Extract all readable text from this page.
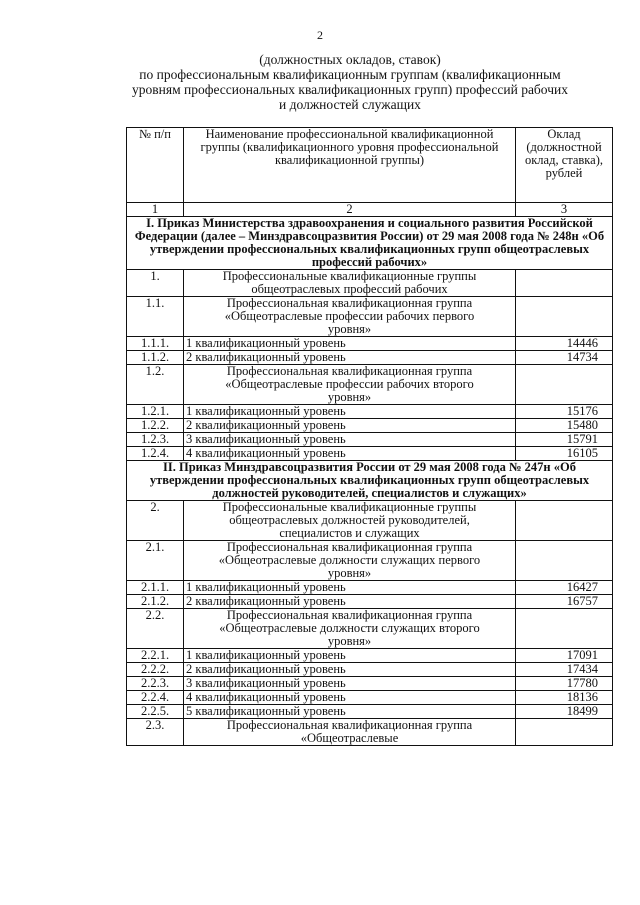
2
(должностных окладов, ставок)
по профессиональным квалификационным группам (квалификационным
уровням профессиональных квалификационных групп) профессий рабочих
и должностей служащих
№ п/п	Наименование профессиональной квалификационной группы (квалификационного уровня профессиональной квалификационной группы)	Оклад (должностной оклад, ставка), рублей
1	2	3
I. Приказ Министерства здравоохранения и социального развития Российской Федерации (далее – Минздравсоцразвития России) от 29 мая 2008 года № 248н «Об утверждении профессиональных квалификационных групп общеотраслевых профессий рабочих»		
1.	Профессиональные квалификационные группы общеотраслевых профессий рабочих	
1.1.	Профессиональная квалификационная группа «Общеотраслевые профессии рабочих первого уровня»	
1.1.1.	1 квалификационный уровень	14446
1.1.2.	2 квалификационный уровень	14734
1.2.	Профессиональная квалификационная группа «Общеотраслевые профессии рабочих второго уровня»	
1.2.1.	1 квалификационный уровень	15176
1.2.2.	2 квалификационный уровень	15480
1.2.3.	3 квалификационный уровень	15791
1.2.4.	4 квалификационный уровень	16105
II. Приказ Минздравсоцразвития России от 29 мая 2008 года № 247н «Об утверждении профессиональных квалификационных групп общеотраслевых должностей руководителей, специалистов и служащих»		
2.	Профессиональные квалификационные группы общеотраслевых должностей руководителей, специалистов и служащих	
2.1.	Профессиональная квалификационная группа «Общеотраслевые должности служащих первого уровня»	
2.1.1.	1 квалификационный уровень	16427
2.1.2.	2 квалификационный уровень	16757
2.2.	Профессиональная квалификационная группа «Общеотраслевые должности служащих второго уровня»	
2.2.1.	1 квалификационный уровень	17091
2.2.2.	2 квалификационный уровень	17434
2.2.3.	3 квалификационный уровень	17780
2.2.4.	4 квалификационный уровень	18136
2.2.5.	5 квалификационный уровень	18499
2.3.	Профессиональная квалификационная группа «Общеотраслевые	
